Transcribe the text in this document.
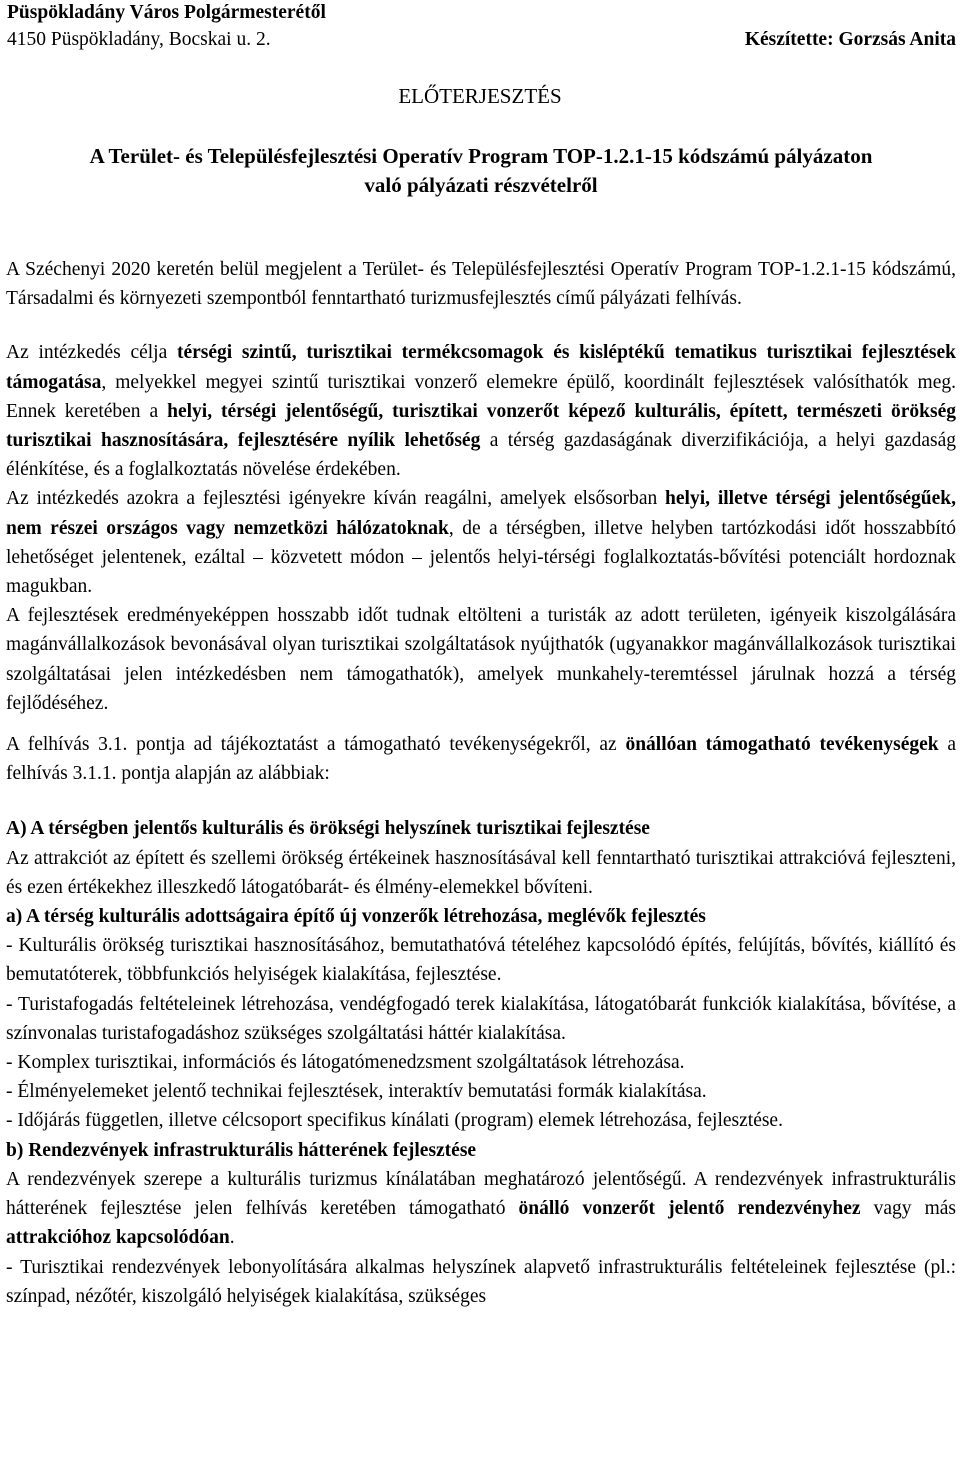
Püspökladány Város Polgármesterétől
4150 Püspökladány, Bocskai u. 2.	Készítette: Gorzsás Anita
ELŐTERJESZTÉS
A Terület- és Településfejlesztési Operatív Program TOP-1.2.1-15 kódszámú pályázaton
való pályázati részvételről

A Széchenyi 2020 keretén belül megjelent a Terület- és Településfejlesztési Operatív Program TOP-1.2.1-15 kódszámú, Társadalmi és környezeti szempontból fenntartható turizmusfejlesztés című pályázati felhívás.

Az intézkedés célja térségi szintű, turisztikai termékcsomagok és kisléptékű tematikus turisztikai fejlesztések támogatása, melyekkel megyei szintű turisztikai vonzerő elemekre épülő, koordinált fejlesztések valósíthatók meg. Ennek keretében a helyi, térségi jelentőségű, turisztikai vonzerőt képező kulturális, épített, természeti örökség turisztikai hasznosítására, fejlesztésére nyílik lehetőség a térség gazdaságának diverzifikációja, a helyi gazdaság élénkítése, és a foglalkoztatás növelése érdekében.

Az intézkedés azokra a fejlesztési igényekre kíván reagálni, amelyek elsősorban helyi, illetve térségi jelentőségűek, nem részei országos vagy nemzetközi hálózatoknak, de a térségben, illetve helyben tartózkodási időt hosszabbító lehetőséget jelentenek, ezáltal – közvetett módon – jelentős helyi-térségi foglalkoztatás-bővítési potenciált hordoznak magukban.

A fejlesztések eredményeképpen hosszabb időt tudnak eltölteni a turisták az adott területen, igényeik kiszolgálására magánvállalkozások bevonásával olyan turisztikai szolgáltatások nyújthatók (ugyanakkor magánvállalkozások turisztikai szolgáltatásai jelen intézkedésben nem támogathatók), amelyek munkahely-teremtéssel járulnak hozzá a térség fejlődéséhez.

A felhívás 3.1. pontja ad tájékoztatást a támogatható tevékenységekről, az önállóan támogatható tevékenységek a felhívás 3.1.1. pontja alapján az alábbiak:

A) A térségben jelentős kulturális és örökségi helyszínek turisztikai fejlesztése

Az attrakciót az épített és szellemi örökség értékeinek hasznosításával kell fenntartható turisztikai attrakcióvá fejleszteni, és ezen értékekhez illeszkedő látogatóbarát- és élmény-elemekkel bővíteni.

a) A térség kulturális adottságaira építő új vonzerők létrehozása, meglévők fejlesztés

- Kulturális örökség turisztikai hasznosításához, bemutathatóvá tételéhez kapcsolódó építés, felújítás, bővítés, kiállító és bemutatóterek, többfunkciós helyiségek kialakítása, fejlesztése.

- Turistafogadás feltételeinek létrehozása, vendégfogadó terek kialakítása, látogatóbarát funkciók kialakítása, bővítése, a színvonalas turistafogadáshoz szükséges szolgáltatási háttér kialakítása.

- Komplex turisztikai, információs és látogatómenedzsment szolgáltatások létrehozása.

- Élményelemeket jelentő technikai fejlesztések, interaktív bemutatási formák kialakítása.

- Időjárás független, illetve célcsoport specifikus kínálati (program) elemek létrehozása, fejlesztése.

b) Rendezvények infrastrukturális hátterének fejlesztése

A rendezvények szerepe a kulturális turizmus kínálatában meghatározó jelentőségű. A rendezvények infrastrukturális hátterének fejlesztése jelen felhívás keretében támogatható önálló vonzerőt jelentő rendezvényhez vagy más attrakcióhoz kapcsolódóan.

- Turisztikai rendezvények lebonyolítására alkalmas helyszínek alapvető infrastrukturális feltételeinek fejlesztése (pl.: színpad, nézőtér, kiszolgáló helyiségek kialakítása, szükséges
